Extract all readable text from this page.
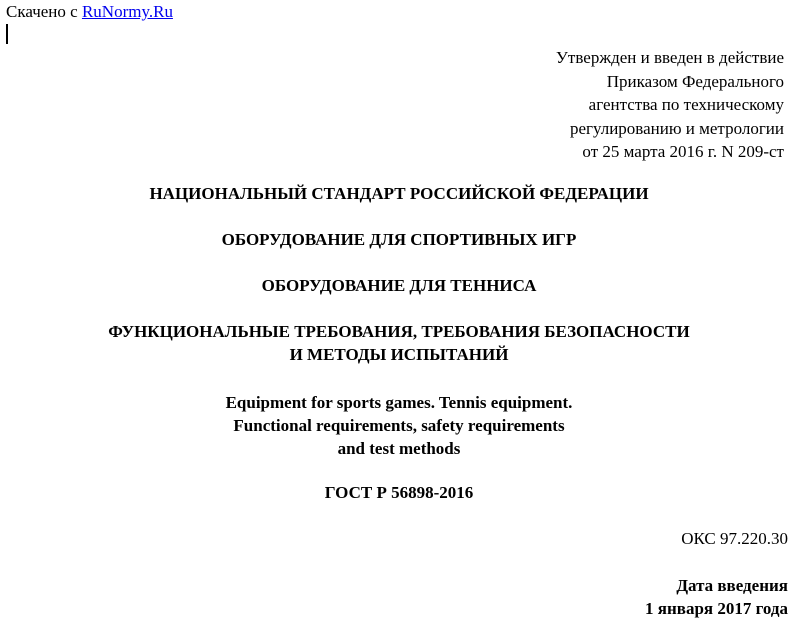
Скачено с RuNormy.Ru
Утвержден и введен в действие
Приказом Федерального
агентства по техническому
регулированию и метрологии
от 25 марта 2016 г. N 209-ст
НАЦИОНАЛЬНЫЙ СТАНДАРТ РОССИЙСКОЙ ФЕДЕРАЦИИ
ОБОРУДОВАНИЕ ДЛЯ СПОРТИВНЫХ ИГР
ОБОРУДОВАНИЕ ДЛЯ ТЕННИСА
ФУНКЦИОНАЛЬНЫЕ ТРЕБОВАНИЯ, ТРЕБОВАНИЯ БЕЗОПАСНОСТИ
И МЕТОДЫ ИСПЫТАНИЙ
Equipment for sports games. Tennis equipment.
Functional requirements, safety requirements
and test methods
ГОСТ Р 56898-2016
ОКС 97.220.30
Дата введения
1 января 2017 года
